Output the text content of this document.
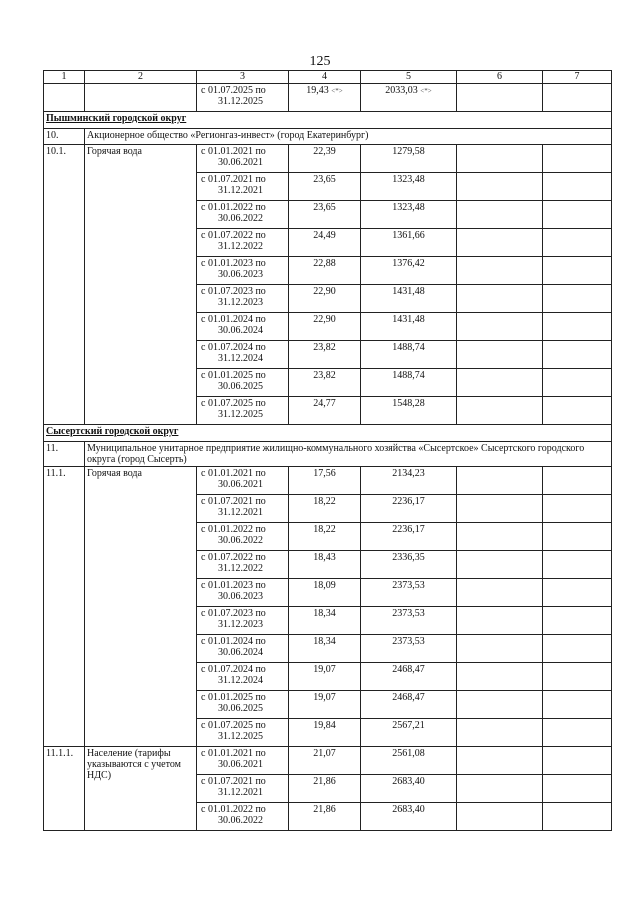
125
1	2	3	4	5	6	7
		с 01.07.2025 по
31.12.2025	19,43 <*>	2033,03 <*>		
Пышминский городской округ						
10.	Акционерное общество «Регионгаз-инвест» (город Екатеринбург)					
10.1.	Горячая вода	с 01.01.2021 по
30.06.2021	22,39	1279,58		
		с 01.07.2021 по
31.12.2021	23,65	1323,48		
		с 01.01.2022 по
30.06.2022	23,65	1323,48		
		с 01.07.2022 по
31.12.2022	24,49	1361,66		
		с 01.01.2023 по
30.06.2023	22,88	1376,42		
		с 01.07.2023 по
31.12.2023	22,90	1431,48		
		с 01.01.2024 по
30.06.2024	22,90	1431,48		
		с 01.07.2024 по
31.12.2024	23,82	1488,74		
		с 01.01.2025 по
30.06.2025	23,82	1488,74		
		с 01.07.2025 по
31.12.2025	24,77	1548,28		
Сысертский городской округ						
11.	Муниципальное унитарное предприятие жилищно-коммунального хозяйства «Сысертское» Сысертского городского округа (город Сысерть)					
11.1.	Горячая вода	с 01.01.2021 по
30.06.2021	17,56	2134,23		
		с 01.07.2021 по
31.12.2021	18,22	2236,17		
		с 01.01.2022 по
30.06.2022	18,22	2236,17		
		с 01.07.2022 по
31.12.2022	18,43	2336,35		
		с 01.01.2023 по
30.06.2023	18,09	2373,53		
		с 01.07.2023 по
31.12.2023	18,34	2373,53		
		с 01.01.2024 по
30.06.2024	18,34	2373,53		
		с 01.07.2024 по
31.12.2024	19,07	2468,47		
		с 01.01.2025 по
30.06.2025	19,07	2468,47		
		с 01.07.2025 по
31.12.2025	19,84	2567,21		
11.1.1.	Население (тарифы указываются с учетом НДС)	с 01.01.2021 по
30.06.2021	21,07	2561,08		
		с 01.07.2021 по
31.12.2021	21,86	2683,40		
		с 01.01.2022 по
30.06.2022	21,86	2683,40		
